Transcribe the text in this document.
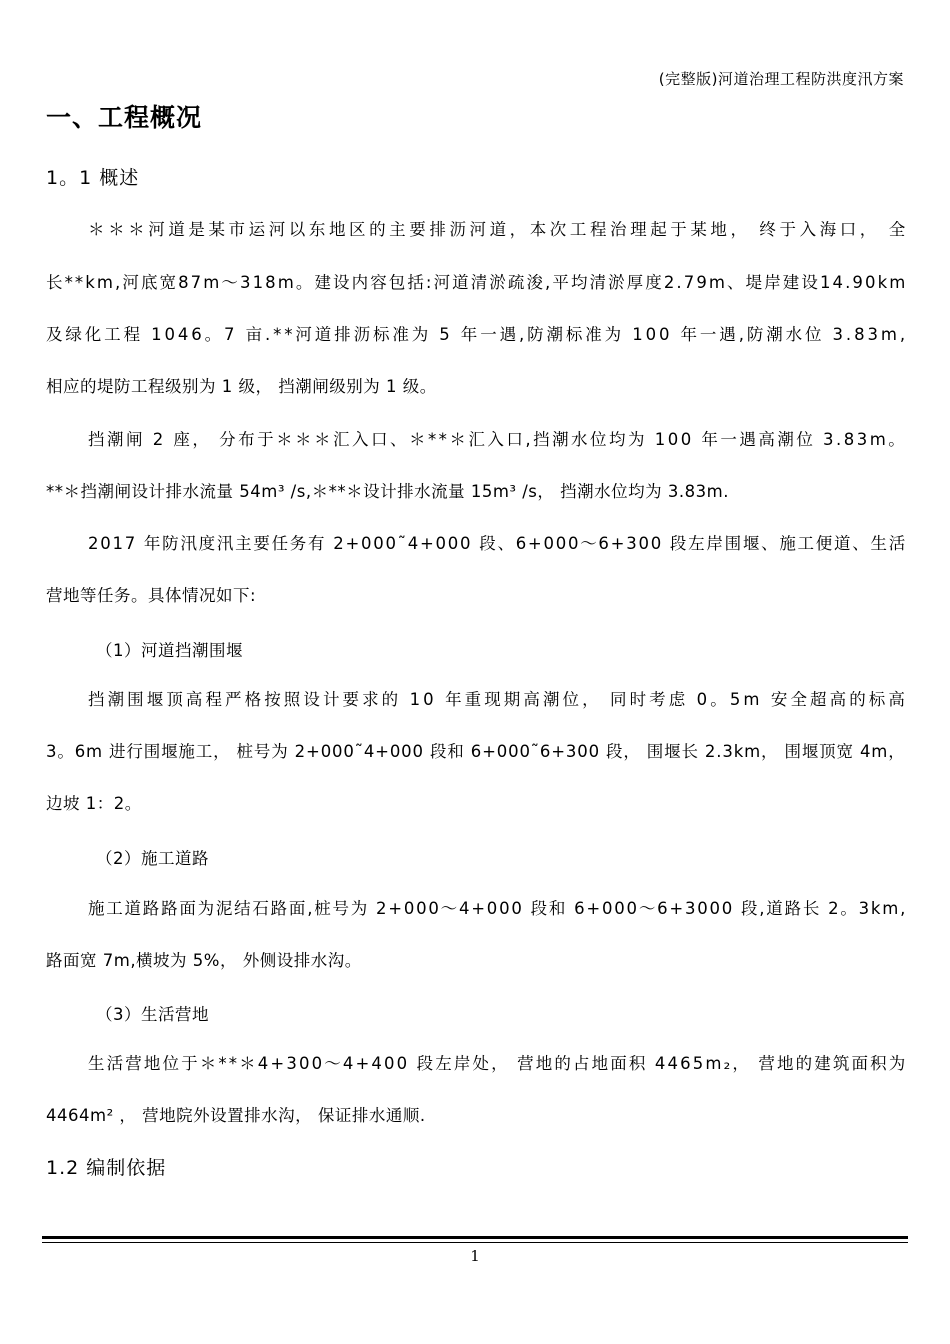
(完整版)河道治理工程防洪度汛方案
一、工程概况
1。1 概述
＊ ＊ ＊ 河 道 是 某 市 运 河 以 东 地 区 的 主 要 排 沥 河 道 ， 本 次 工 程 治 理 起 于 某 地 ，
终 于 入 海 口 ，
全
长 * * k m , 河 底 宽 8 7 m ～ 3 1 8 m 。 建 设 内 容 包 括 : 河 道 清 淤 疏 浚 , 平 均 清 淤 厚 度 2 . 7 9 m 、 堤 岸 建 设 1 4 . 9 0 k m
及 绿 化 工 程
1 0 4 6 。 7
亩 . * * 河 道 排 沥 标 准 为
5
年 一 遇 , 防 潮 标 准 为
1 0 0
年 一 遇 , 防 潮 水 位
3 . 8 3 m ,
相应的堤防工程级别为 1 级， 挡潮闸级别为 1 级。
挡 潮 闸
2
座 ，
分 布 于 ＊ ＊ ＊ 汇 入 口 、 ＊ * * ＊ 汇 入 口 , 挡 潮 水 位 均 为
1 0 0
年 一 遇 高 潮 位
3 . 8 3 m 。
**＊挡潮闸设计排水流量 54m³ /s,＊**＊设计排水流量 15m³ /s， 挡潮水位均为 3.83m.
2 0 1 7
年 防 汛 度 汛 主 要 任 务 有
2 + 0 0 0 ˜ 4 + 0 0 0
段 、 6 + 0 0 0 ～ 6 + 3 0 0
段 左 岸 围 堰 、 施 工 便 道 、 生 活
营地等任务。具体情况如下:
（1）河道挡潮围堰
挡 潮 围 堰 顶 高 程 严 格 按 照 设 计 要 求 的
1 0
年 重 现 期 高 潮 位 ，
同 时 考 虑
0 。 5 m
安 全 超 高 的 标 高
3 。 6 m
进 行 围 堰 施 工 ，
桩 号 为
2 + 0 0 0 ˜ 4 + 0 0 0
段 和
6 + 0 0 0 ˜ 6 + 3 0 0
段 ，
围 堰 长
2 . 3 k m ，
围 堰 顶 宽
4 m ，
边坡 1：2。
（2）施工道路
施 工 道 路 路 面 为 泥 结 石 路 面 , 桩 号 为
2 + 0 0 0 ～ 4 + 0 0 0
段 和
6 + 0 0 0 ～ 6 + 3 0 0 0
段 , 道 路 长
2 。 3 k m ,
路面宽 7m,横坡为 5%， 外侧设排水沟。
（3）生活营地
生 活 营 地 位 于 ＊ * * ＊ 4 + 3 0 0 ～ 4 + 4 0 0
段 左 岸 处 ，
营 地 的 占 地 面 积
4 4 6 5 m ₂ ，
营 地 的 建 筑 面 积 为
4464m² ， 营地院外设置排水沟， 保证排水通顺.
1.2 编制依据
1
